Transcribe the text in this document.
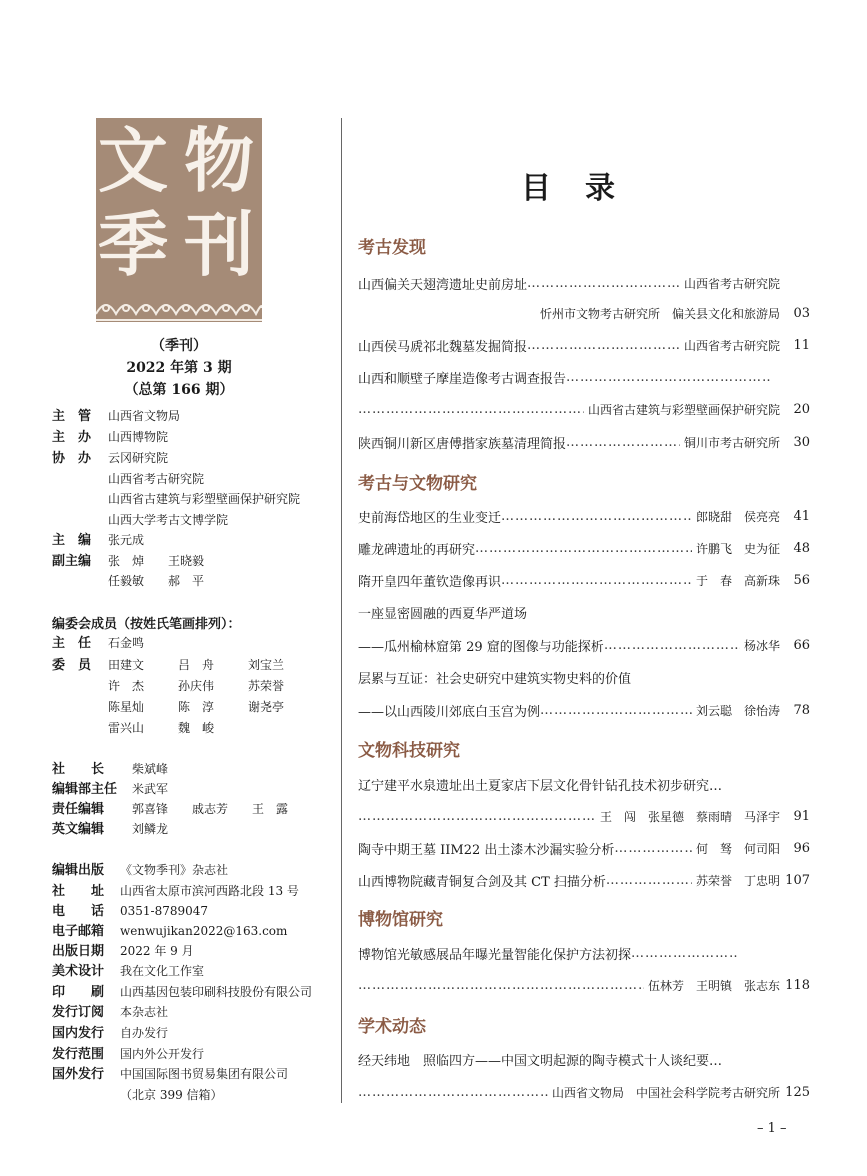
文 物
季 刊
（季刊）
2022 年第 3 期
（总第 166 期）
主　管 山西省文物局
主　办 山西博物院
协　办 云冈研究院
山西省考古研究院
山西省古建筑与彩塑壁画保护研究院
山西大学考古文博学院
主　编 张元成
副主编 张　焯　　王晓毅
任毅敏　　郝　平
编委会成员（按姓氏笔画排列）：
主　任 石金鸣
委　员 田建文	吕　舟	刘宝兰
许　杰	孙庆伟	苏荣誉
陈星灿	陈　淳	谢尧亭
雷兴山	魏　峻
社　　长 柴斌峰
编辑部主任 米武军
责任编辑 郭喜锋　　戚志芳　　王　露
英文编辑 刘鳞龙
编辑出版 《文物季刊》杂志社
社　　址 山西省太原市滨河西路北段 13 号
电　　话 0351-8789047
电子邮箱 wenwujikan2022@163.com
出版日期 2022 年 9 月
美术设计 我在文化工作室
印　　刷 山西基因包装印刷科技股份有限公司
发行订阅 本杂志社
国内发行 自办发行
发行范围 国内外公开发行
国外发行 中国国际图书贸易集团有限公司
（北京 399 信箱）
目录
考古发现
山西偏关天翅湾遗址史前房址 ……………………………………………………………………………………………………………………………………	山西省考古研究院
忻州市文物考古研究所　偏关县文化和旅游局	03
山西侯马虒祁北魏墓发掘简报 ……………………………………………………………………………………………………………………………………	山西省考古研究院	11
山西和顺壁子摩崖造像考古调查报告
……………………………………………………………………………………………………………………………………
……………………………………………………………………………………………………………………………………
山西省古建筑与彩塑壁画保护研究院	20
陕西铜川新区唐傅揩家族墓清理简报 ……………………………………………………………………………………………………………………………………	铜川市考古研究所	30
考古与文物研究
史前海岱地区的生业变迁 ……………………………………………………………………………………………………………………………………	郎晓甜　侯亮亮	41
雕龙碑遗址的再研究 ……………………………………………………………………………………………………………………………………	许鹏飞　史为征	48
隋开皇四年董钦造像再识 ……………………………………………………………………………………………………………………………………	于　春　高新珠	56
一座显密圆融的西夏华严道场
——瓜州榆林窟第 29 窟的图像与功能探析 ……………………………………………………………………………………………………………………………………	杨冰华	66
层累与互证：社会史研究中建筑实物史料的价值
——以山西陵川郊底白玉宫为例 ……………………………………………………………………………………………………………………………………	刘云聪　徐怡涛	78
文物科技研究
辽宁建平水泉遗址出土夏家店下层文化骨针钻孔技术初步研究…
……………………………………………………………………………………………………………………………………
王　闯　张星德　蔡雨晴　马泽宇	91
陶寺中期王墓 IIM22 出土漆木沙漏实验分析 ……………………………………………………………………………………………………………………………………	何　驽　何司阳	96
山西博物院藏青铜复合剑及其 CT 扫描分析 ……………………………………………………………………………………………………………………………………	苏荣誉　丁忠明 107
博物馆研究
博物馆光敏感展品年曝光量智能化保护方法初探
……………………………………………………………………………………………………………………………………
……………………………………………………………………………………………………………………………………
伍林芳　王明镇　张志东 118
学术动态
经天纬地　照临四方——中国文明起源的陶寺模式十人谈纪要…
……………………………………………………………………………………………………………………………………
山西省文物局　中国社会科学院考古研究所 125
– 1 –
